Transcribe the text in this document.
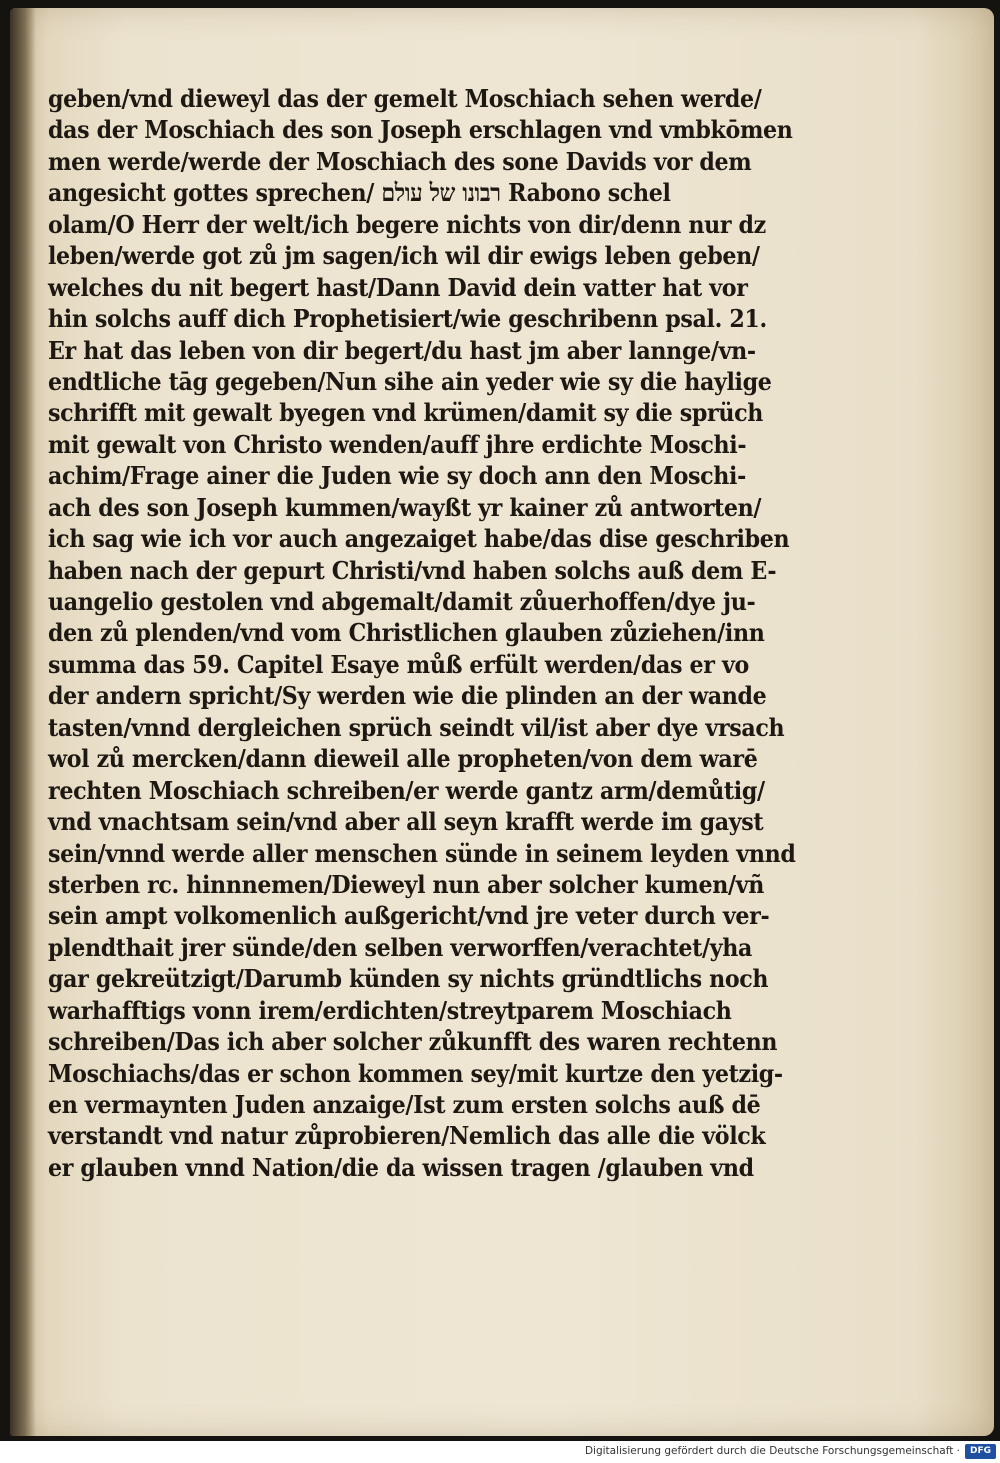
geben/vnd dieweyl das der gemelt Moschiach sehen werde/
das der Moschiach des son Joseph erschlagen vnd vmbkōmen
men werde/werde der Moschiach des sone Davids vor dem
angesicht gottes sprechen/ רבונו של עולם Rabono schel
olam/O Herr der welt/ich begere nichts von dir/denn nur dz
leben/werde got zů jm sagen/ich wil dir ewigs leben geben/
welches du nit begert hast/Dann David dein vatter hat vor
hin solchs auff dich Prophetisiert/wie geschribenn psal. 21.
Er hat das leben von dir begert/du hast jm aber lannge/vn-
endtliche tāg gegeben/Nun sihe ain yeder wie sy die haylige
schrifft mit gewalt byegen vnd krümen/damit sy die sprüch
mit gewalt von Christo wenden/auff jhre erdichte Moschi-
achim/Frage ainer die Juden wie sy doch ann den Moschi-
ach des son Joseph kummen/wayßt yr kainer zů antworten/
ich sag wie ich vor auch angezaiget habe/das dise geschriben
haben nach der gepurt Christi/vnd haben solchs auß dem E-
uangelio gestolen vnd abgemalt/damit zůuerhoffen/dye ju-
den zů plenden/vnd vom Christlichen glauben zůziehen/inn
summa das 59. Capitel Esaye můß erfült werden/das er vo
der andern spricht/Sy werden wie die plinden an der wande
tasten/vnnd dergleichen sprüch seindt vil/ist aber dye vrsach
wol zů mercken/dann dieweil alle propheten/von dem warē
rechten Moschiach schreiben/er werde gantz arm/demůtig/
vnd vnachtsam sein/vnd aber all seyn krafft werde im gayst
sein/vnnd werde aller menschen sünde in seinem leyden vnnd
sterben rc. hinnnemen/Dieweyl nun aber solcher kumen/vñ
sein ampt volkomenlich außgericht/vnd jre veter durch ver-
plendthait jrer sünde/den selben verworffen/verachtet/yha
gar gekreützigt/Darumb künden sy nichts gründtlichs noch
warhafftigs vonn irem/erdichten/streytparem Moschiach
schreiben/Das ich aber solcher zůkunfft des waren rechtenn
Moschiachs/das er schon kommen sey/mit kurtze den yetzig-
en vermaynten Juden anzaige/Ist zum ersten solchs auß dē
verstandt vnd natur zůprobieren/Nemlich das alle die völck
er glauben vnnd Nation/die da wissen tragen /glauben vnd
Digitalisierung gefördert durch die Deutsche Forschungsgemeinschaft ·	DFG
